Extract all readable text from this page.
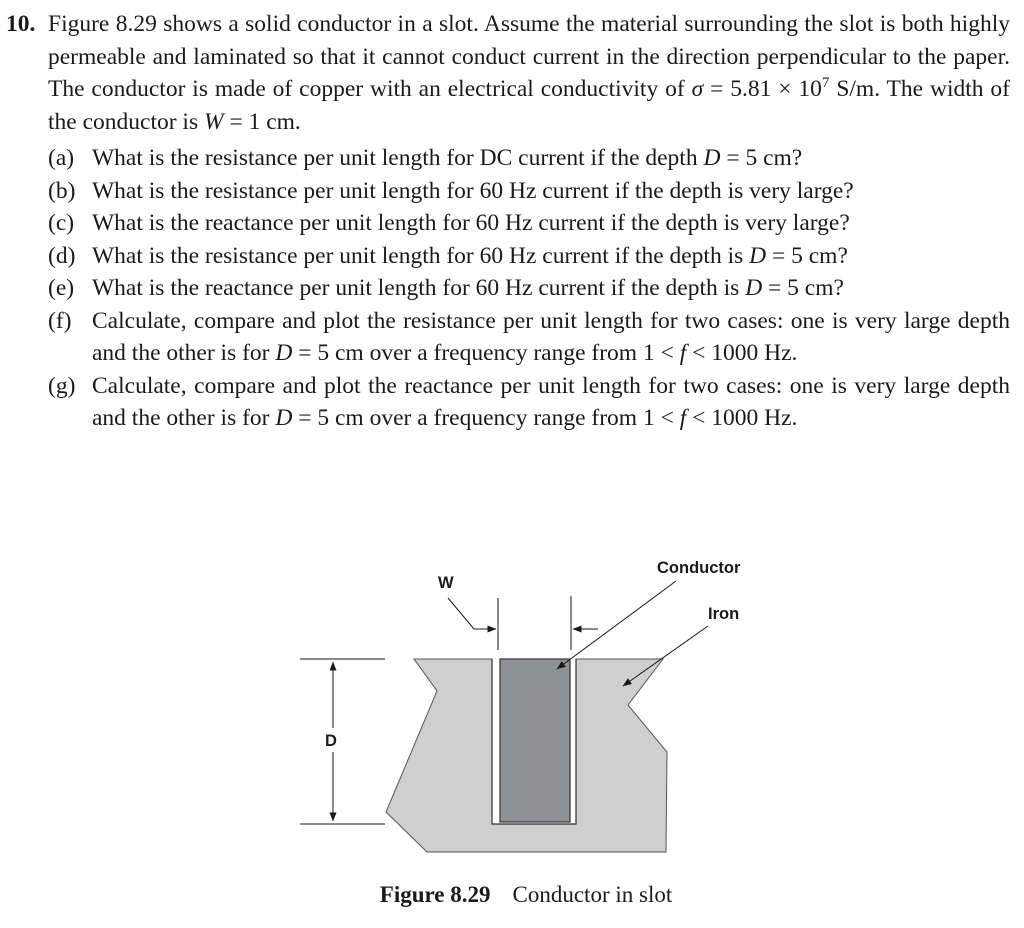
10. Figure 8.29 shows a solid conductor in a slot. Assume the material surrounding the slot is both highly permeable and laminated so that it cannot conduct current in the direction perpendicular to the paper. The conductor is made of copper with an electrical conductivity of $\sigma = 5.81 \times 10^7$ S/m. The width of the conductor is W = 1 cm.
(a) What is the resistance per unit length for DC current if the depth D = 5 cm?
(b) What is the resistance per unit length for 60 Hz current if the depth is very large?
(c) What is the reactance per unit length for 60 Hz current if the depth is very large?
(d) What is the resistance per unit length for 60 Hz current if the depth is D = 5 cm?
(e) What is the reactance per unit length for 60 Hz current if the depth is D = 5 cm?
(f) Calculate, compare and plot the resistance per unit length for two cases: one is very large depth and the other is for D = 5 cm over a frequency range from 1 < f < 1000 Hz.
(g) Calculate, compare and plot the reactance per unit length for two cases: one is very large depth and the other is for D = 5 cm over a frequency range from 1 < f < 1000 Hz.
D
W
Conductor
Iron
Figure 8.29 Conductor in slot
